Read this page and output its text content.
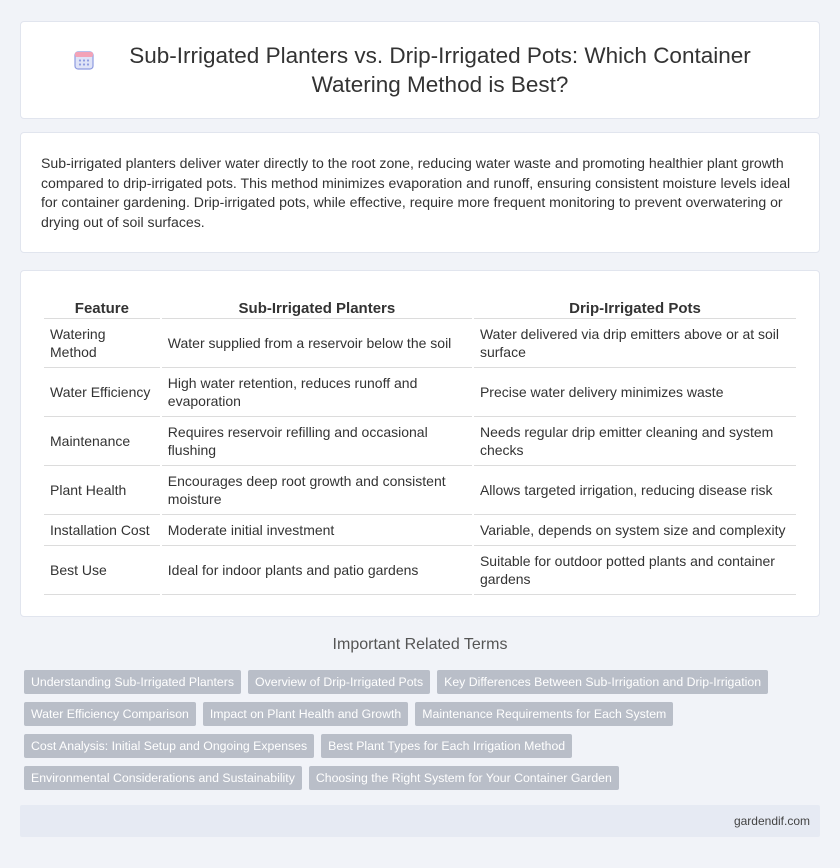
Sub-Irrigated Planters vs. Drip-Irrigated Pots: Which Container Watering Method is Best?

Sub-irrigated planters deliver water directly to the root zone, reducing water waste and promoting healthier plant growth compared to drip-irrigated pots. This method minimizes evaporation and runoff, ensuring consistent moisture levels ideal for container gardening. Drip-irrigated pots, while effective, require more frequent monitoring to prevent overwatering or drying out of soil surfaces.

Feature	Sub-Irrigated Planters	Drip-Irrigated Pots
Watering Method	Water supplied from a reservoir below the soil	Water delivered via drip emitters above or at soil surface
Water Efficiency	High water retention, reduces runoff and evaporation	Precise water delivery minimizes waste
Maintenance	Requires reservoir refilling and occasional flushing	Needs regular drip emitter cleaning and system checks
Plant Health	Encourages deep root growth and consistent moisture	Allows targeted irrigation, reducing disease risk
Installation Cost	Moderate initial investment	Variable, depends on system size and complexity
Best Use	Ideal for indoor plants and patio gardens	Suitable for outdoor potted plants and container gardens
Important Related Terms
Understanding Sub-Irrigated Planters	Overview of Drip-Irrigated Pots	Key Differences Between Sub-Irrigation and Drip-Irrigation
Water Efficiency Comparison	Impact on Plant Health and Growth	Maintenance Requirements for Each System
Cost Analysis: Initial Setup and Ongoing Expenses	Best Plant Types for Each Irrigation Method
Environmental Considerations and Sustainability	Choosing the Right System for Your Container Garden
gardendif.com
